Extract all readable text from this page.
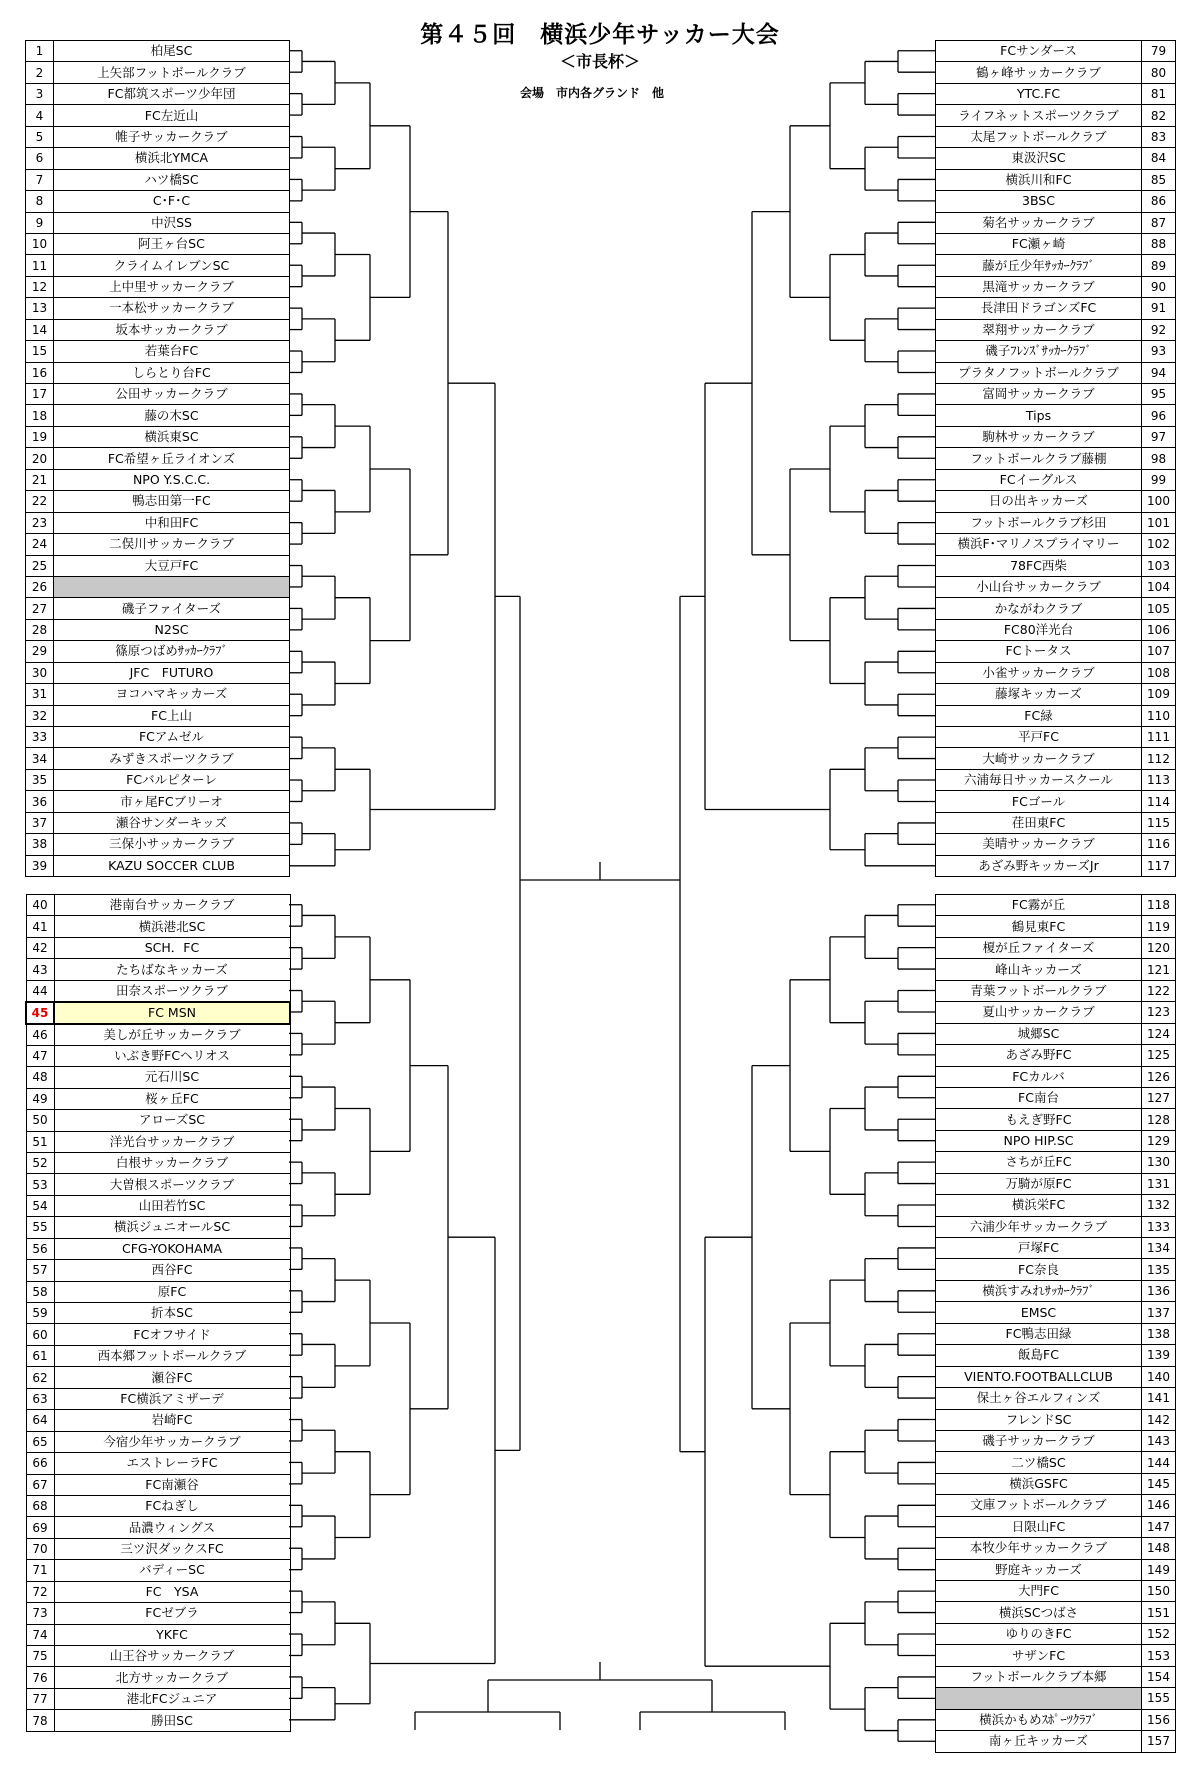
第４５回　横浜少年サッカー大会
＜市長杯＞
会場　市内各グランド　他
1	柏尾SC
2	上矢部フットボールクラブ
3	FC都筑スポーツ少年団
4	FC左近山
5	帷子サッカークラブ
6	横浜北YMCA
7	ハツ橋SC
8	C･F･C
9	中沢SS
10	阿王ヶ台SC
11	クライムイレブンSC
12	上中里サッカークラブ
13	一本松サッカークラブ
14	坂本サッカークラブ
15	若葉台FC
16	しらとり台FC
17	公田サッカークラブ
18	藤の木SC
19	横浜東SC
20	FC希望ヶ丘ライオンズ
21	NPO Y.S.C.C.
22	鴨志田第一FC
23	中和田FC
24	二俣川サッカークラブ
25	大豆戸FC
26	
27	磯子ファイターズ
28	N2SC
29	篠原つばめｻｯｶｰｸﾗﾌﾞ
30	JFC　FUTURO
31	ヨコハマキッカーズ
32	FC上山
33	FCアムゼル
34	みずきスポーツクラブ
35	FCバルピターレ
36	市ヶ尾FCブリーオ
37	瀬谷サンダーキッズ
38	三保小サッカークラブ
39	KAZU SOCCER CLUB
40	港南台サッカークラブ
41	横浜港北SC
42	SCH．FC
43	たちばなキッカーズ
44	田奈スポーツクラブ
45	FC MSN
46	美しが丘サッカークラブ
47	いぶき野FCヘリオス
48	元石川SC
49	桜ヶ丘FC
50	アローズSC
51	洋光台サッカークラブ
52	白根サッカークラブ
53	大曽根スポーツクラブ
54	山田若竹SC
55	横浜ジュニオールSC
56	CFG-YOKOHAMA
57	西谷FC
58	原FC
59	折本SC
60	FCオフサイド
61	西本郷フットボールクラブ
62	瀬谷FC
63	FC横浜アミザーデ
64	岩崎FC
65	今宿少年サッカークラブ
66	エストレーラFC
67	FC南瀬谷
68	FCねぎし
69	品濃ウィングス
70	三ツ沢ダックスFC
71	バディーSC
72	FC　YSA
73	FCゼブラ
74	YKFC
75	山王谷サッカークラブ
76	北方サッカークラブ
77	港北FCジュニア
78	勝田SC
FCサンダース	79
鶴ヶ峰サッカークラブ	80
YTC.FC	81
ライフネットスポーツクラブ	82
太尾フットボールクラブ	83
東汲沢SC	84
横浜川和FC	85
3BSC	86
菊名サッカークラブ	87
FC瀬ヶ崎	88
藤が丘少年ｻｯｶｰｸﾗﾌﾞ	89
黒滝サッカークラブ	90
長津田ドラゴンズFC	91
翠翔サッカークラブ	92
磯子ﾌﾚﾝｽﾞｻｯｶｰｸﾗﾌﾞ	93
プラタノフットボールクラブ	94
富岡サッカークラブ	95
Tips	96
駒林サッカークラブ	97
フットボールクラブ藤棚	98
FCイーグルス	99
日の出キッカーズ	100
フットボールクラブ杉田	101
横浜F･マリノスプライマリー	102
78FC西柴	103
小山台サッカークラブ	104
かながわクラブ	105
FC80洋光台	106
FCトータス	107
小雀サッカークラブ	108
藤塚キッカーズ	109
FC緑	110
平戸FC	111
大崎サッカークラブ	112
六浦毎日サッカースクール	113
FCゴール	114
荏田東FC	115
美晴サッカークラブ	116
あざみ野キッカーズJr	117
FC霧が丘	118
鶴見東FC	119
榎が丘ファイターズ	120
峰山キッカーズ	121
青葉フットボールクラブ	122
夏山サッカークラブ	123
城郷SC	124
あざみ野FC	125
FCカルバ	126
FC南台	127
もえぎ野FC	128
NPO HIP.SC	129
さちが丘FC	130
万騎が原FC	131
横浜栄FC	132
六浦少年サッカークラブ	133
戸塚FC	134
FC奈良	135
横浜すみれｻｯｶｰｸﾗﾌﾞ	136
EMSC	137
FC鴨志田緑	138
飯島FC	139
VIENTO.FOOTBALLCLUB	140
保土ヶ谷エルフィンズ	141
フレンドSC	142
磯子サッカークラブ	143
二ツ橋SC	144
横浜GSFC	145
文庫フットボールクラブ	146
日限山FC	147
本牧少年サッカークラブ	148
野庭キッカーズ	149
大門FC	150
横浜SCつばさ	151
ゆりのきFC	152
サザンFC	153
フットボールクラブ本郷	154
	155
横浜かもめｽﾎﾟｰﾂｸﾗﾌﾞ	156
南ヶ丘キッカーズ	157
